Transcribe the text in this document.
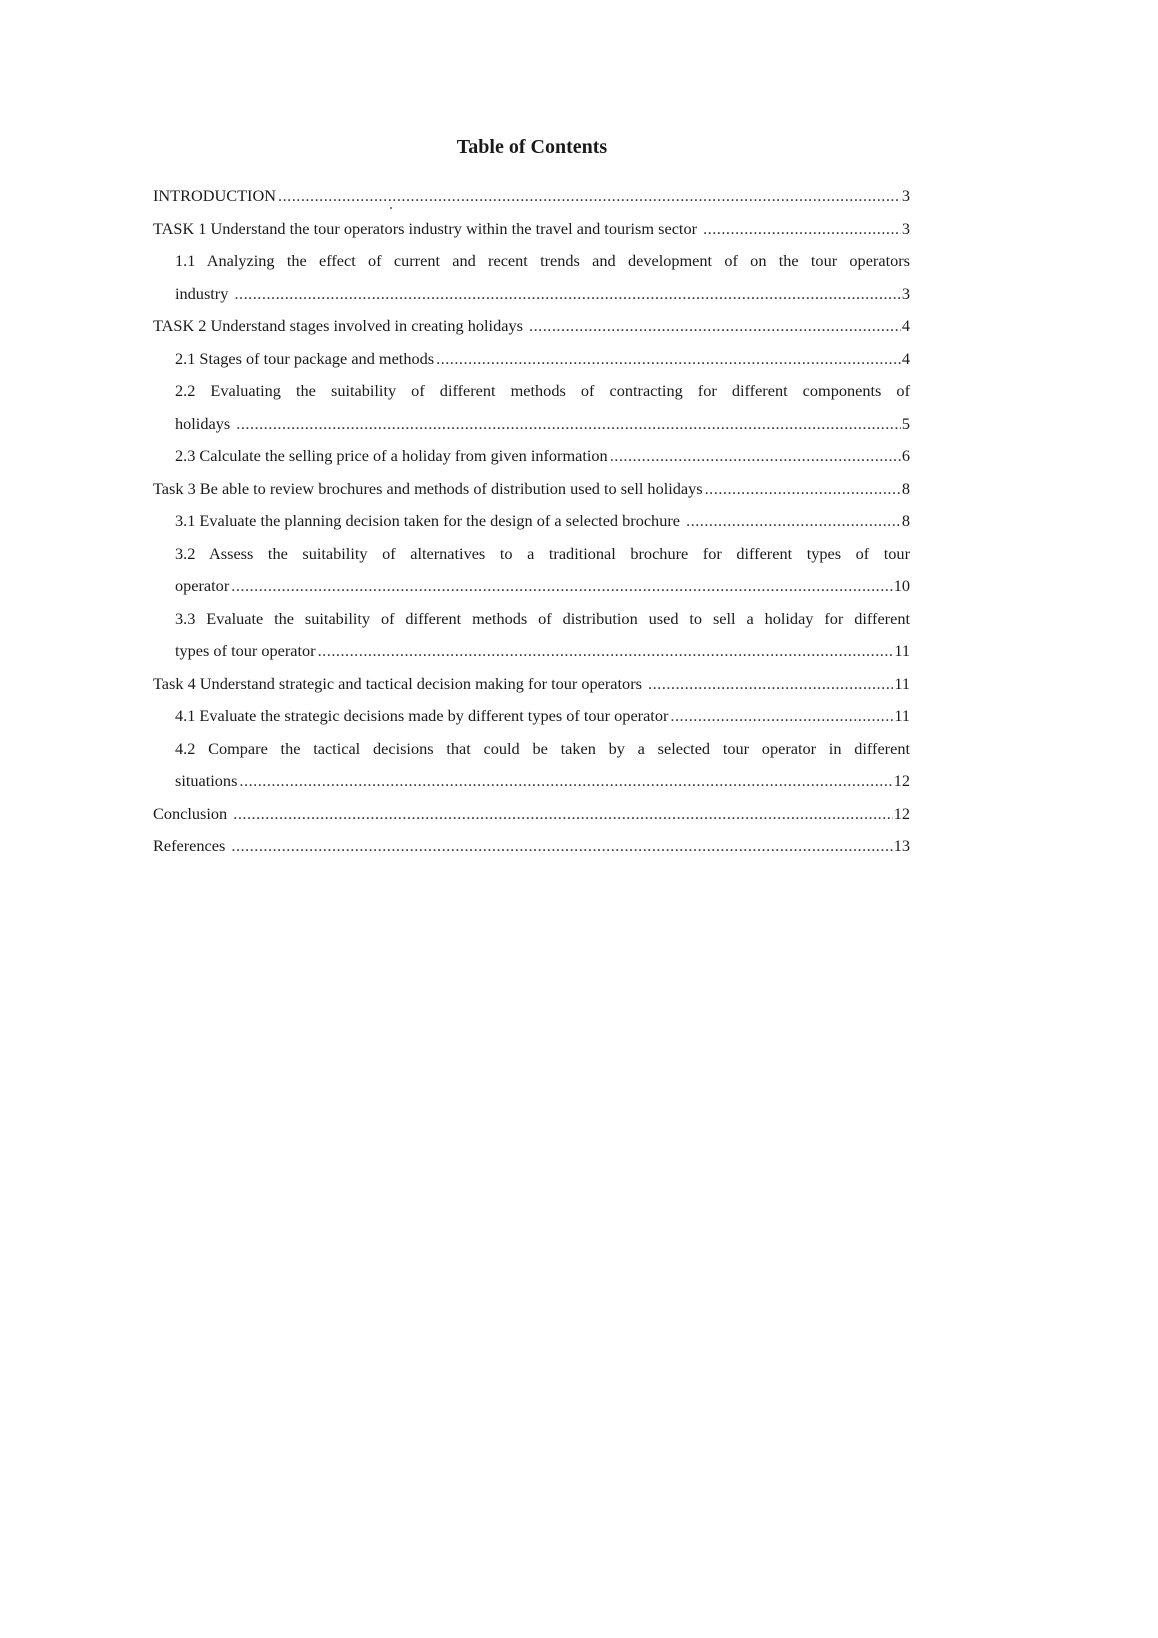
Table of Contents
INTRODUCTION .....	3
TASK 1 Understand the tour operators industry within the travel and tourism sector .....	3
1.1 Analyzing the effect of current and recent trends and development of on the tour operators
industry .....	3
TASK 2 Understand stages involved in creating holidays .....	4
2.1 Stages of tour package and methods .....	4
2.2 Evaluating the suitability of different methods of contracting for different components of
holidays .....	5
2.3 Calculate the selling price of a holiday from given information .....	6
Task 3 Be able to review brochures and methods of distribution used to sell holidays .....	8
3.1 Evaluate the planning decision taken for the design of a selected brochure .....	8
3.2 Assess the suitability of alternatives to a traditional brochure for different types of tour
operator .....	10
3.3 Evaluate the suitability of different methods of distribution used to sell a holiday for different
types of tour operator .....	11
Task 4 Understand strategic and tactical decision making for tour operators .....	11
4.1 Evaluate the strategic decisions made by different types of tour operator .....	11
4.2 Compare the tactical decisions that could be taken by a selected tour operator in different
situations .....	12
Conclusion .....	12
References .....	13
